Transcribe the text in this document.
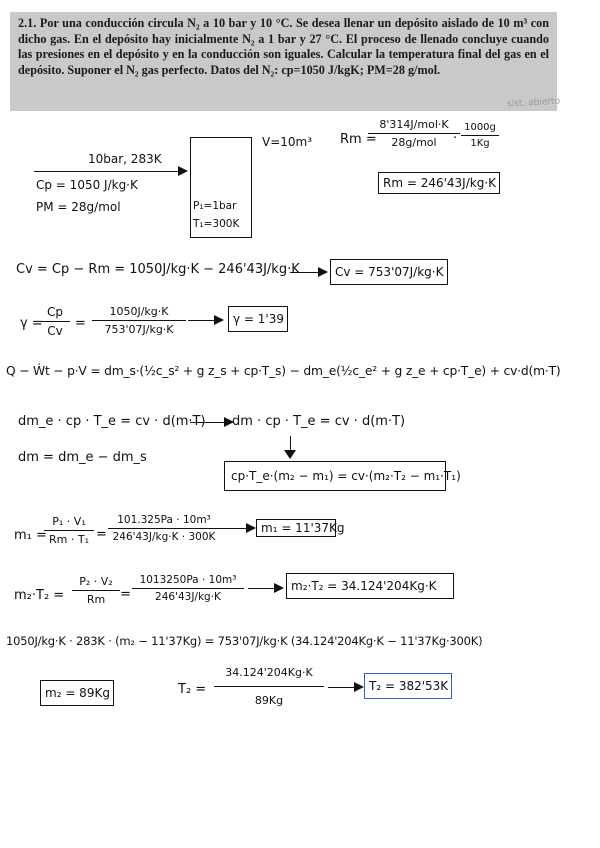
2.1. Por una conducción circula N₂ a 10 bar y 10 °C. Se desea llenar un depósito aislado de 10 m³ con dicho gas. En el depósito hay inicialmente N₂ a 1 bar y 27 °C. El proceso de llenado concluye cuando las presiones en el depósito y en la conducción son iguales. Calcular la temperatura final del gas en el depósito. Suponer el N₂ gas perfecto. Datos del N₂: cp=1050 J/kgK; PM=28 g/mol.

sist. abierto
10bar, 283K
Cp = 1050 J/kg·K
PM = 28g/mol	P₁=1bar
T₁=300K
V=10m³ Rm =
8'314J/mol·K
28g/mol	·
1000g
1Kg
Rm = 246'43J/kg·K
Cv = Cp − Rm = 1050J/kg·K − 246'43J/kg·K	Cv = 753'07J/kg·K
γ =
Cp
Cv =
1050J/kg·K
753'07J/kg·K
γ = 1'39
Q − Ẇt − p·V = dm_s·(½c_s² + g z_s + cp·T_s) − dm_e(½c_e² + g z_e + cp·T_e) + cv·d(m·T)
dm_e · cp · T_e = cv · d(m·T) dm · cp · T_e = cv · d(m·T)
dm = dm_e − dm_s
cp·T_e·(m₂ − m₁) = cv·(m₂·T₂ − m₁·T₁)
m₁ =
P₁ · V₁
Rm · T₁ =
101.325Pa · 10m³
246'43J/kg·K · 300K
m₁ = 11'37Kg
m₂·T₂ =
P₂ · V₂
Rm	=
1013250Pa · 10m³
246'43J/kg·K
m₂·T₂ = 34.124'204Kg·K
1050J/kg·K · 283K · (m₂ − 11'37Kg) = 753'07J/kg·K (34.124'204Kg·K − 11'37Kg·300K)
m₂ = 89Kg	T₂ =
34.124'204Kg·K
89Kg
T₂ = 382'53K
